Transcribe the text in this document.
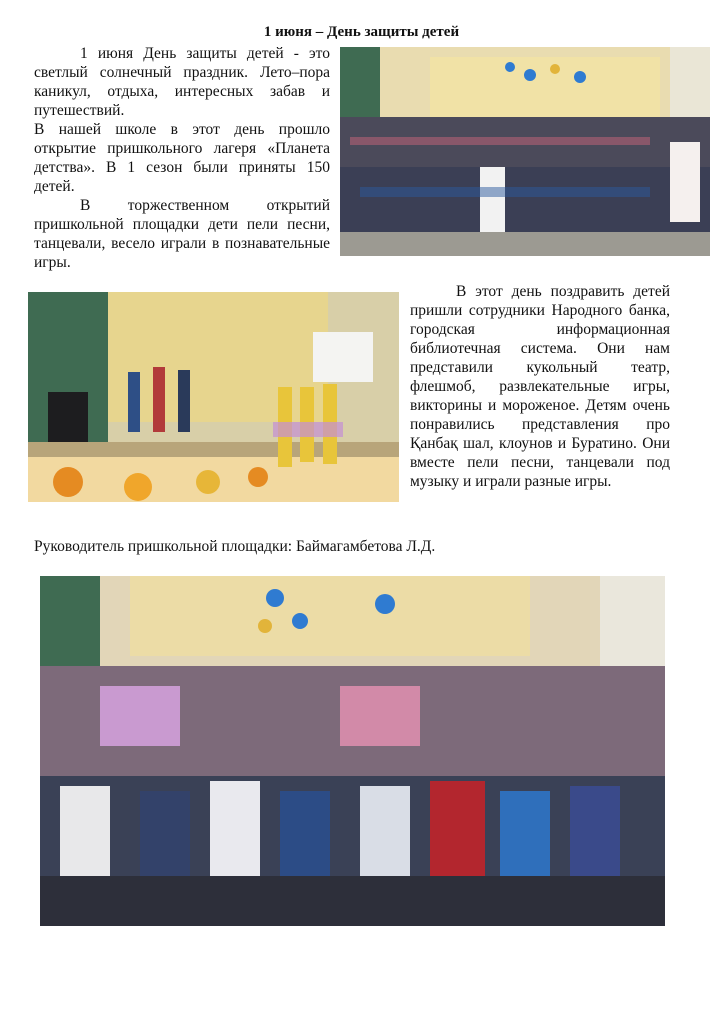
1 июня – День защиты детей

1 июня День защиты детей - это светлый солнечный праздник. Лето–пора каникул, отдыха, интересных забав и путешествий.

В нашей школе в этот день прошло открытие пришкольного лагеря «Планета детства». В 1 сезон были приняты 150 детей.

В торжественном открытий пришкольной площадки дети пели песни, танцевали, весело играли в познавательные игры.

В этот день поздравить детей пришли сотрудники Народного банка, городская информационная библиотечная система. Они нам представили кукольный театр, флешмоб, развлекательные игры, викторины и мороженое. Детям очень понравились представления про Қанбақ шал, клоунов и Буратино. Они вместе пели песни, танцевали под музыку и играли разные игры.

Руководитель пришкольной площадки: Баймагамбетова Л.Д.
